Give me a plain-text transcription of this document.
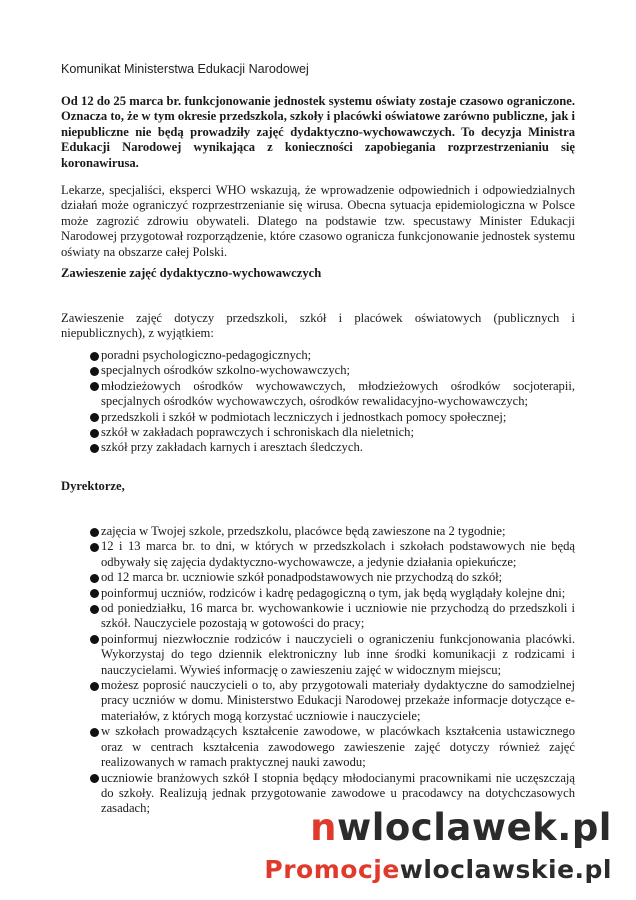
Komunikat Ministerstwa Edukacji Narodowej
Od 12 do 25 marca br. funkcjonowanie jednostek systemu oświaty zostaje czasowo ograniczone. Oznacza to, że w tym okresie przedszkola, szkoły i placówki oświatowe zarówno publiczne, jak i niepubliczne nie będą prowadziły zajęć dydaktyczno-wychowawczych. To decyzja Ministra Edukacji Narodowej wynikająca z konieczności zapobiegania rozprzestrzenianiu się koronawirusa.
Lekarze, specjaliści, eksperci WHO wskazują, że wprowadzenie odpowiednich i odpowiedzialnych działań może ograniczyć rozprzestrzenianie się wirusa. Obecna sytuacja epidemiologiczna w Polsce może zagrozić zdrowiu obywateli. Dlatego na podstawie tzw. specustawy Minister Edukacji Narodowej przygotował rozporządzenie, które czasowo ogranicza funkcjonowanie jednostek systemu oświaty na obszarze całej Polski.
Zawieszenie zajęć dydaktyczno-wychowawczych
Zawieszenie zajęć dotyczy przedszkoli, szkół i placówek oświatowych (publicznych i niepublicznych), z wyjątkiem:
poradni psychologiczno-pedagogicznych;
specjalnych ośrodków szkolno-wychowawczych;
młodzieżowych ośrodków wychowawczych, młodzieżowych ośrodków socjoterapii, specjalnych ośrodków wychowawczych, ośrodków rewalidacyjno-wychowawczych;
przedszkoli i szkół w podmiotach leczniczych i jednostkach pomocy społecznej;
szkół w zakładach poprawczych i schroniskach dla nieletnich;
szkół przy zakładach karnych i aresztach śledczych.
Dyrektorze,
zajęcia w Twojej szkole, przedszkolu, placówce będą zawieszone na 2 tygodnie;
12 i 13 marca br. to dni, w których w przedszkolach i szkołach podstawowych nie będą odbywały się zajęcia dydaktyczno-wychowawcze, a jedynie działania opiekuńcze;
od 12 marca br. uczniowie szkół ponadpodstawowych nie przychodzą do szkół;
poinformuj uczniów, rodziców i kadrę pedagogiczną o tym, jak będą wyglądały kolejne dni;
od poniedziałku, 16 marca br. wychowankowie i uczniowie nie przychodzą do przedszkoli i szkół. Nauczyciele pozostają w gotowości do pracy;
poinformuj niezwłocznie rodziców i nauczycieli o ograniczeniu funkcjonowania placówki. Wykorzystaj do tego dziennik elektroniczny lub inne środki komunikacji z rodzicami i nauczycielami. Wywieś informację o zawieszeniu zajęć w widocznym miejscu;
możesz poprosić nauczycieli o to, aby przygotowali materiały dydaktyczne do samodzielnej pracy uczniów w domu. Ministerstwo Edukacji Narodowej przekaże informacje dotyczące e-materiałów, z których mogą korzystać uczniowie i nauczyciele;
w szkołach prowadzących kształcenie zawodowe, w placówkach kształcenia ustawicznego oraz w centrach kształcenia zawodowego zawieszenie zajęć dotyczy również zajęć realizowanych w ramach praktycznej nauki zawodu;
uczniowie branżowych szkół I stopnia będący młodocianymi pracownikami nie uczęszczają do szkoły. Realizują jednak przygotowanie zawodowe u pracodawcy na dotychczasowych zasadach;	nwloclawek.pl
Promocjewloclawskie.pl
